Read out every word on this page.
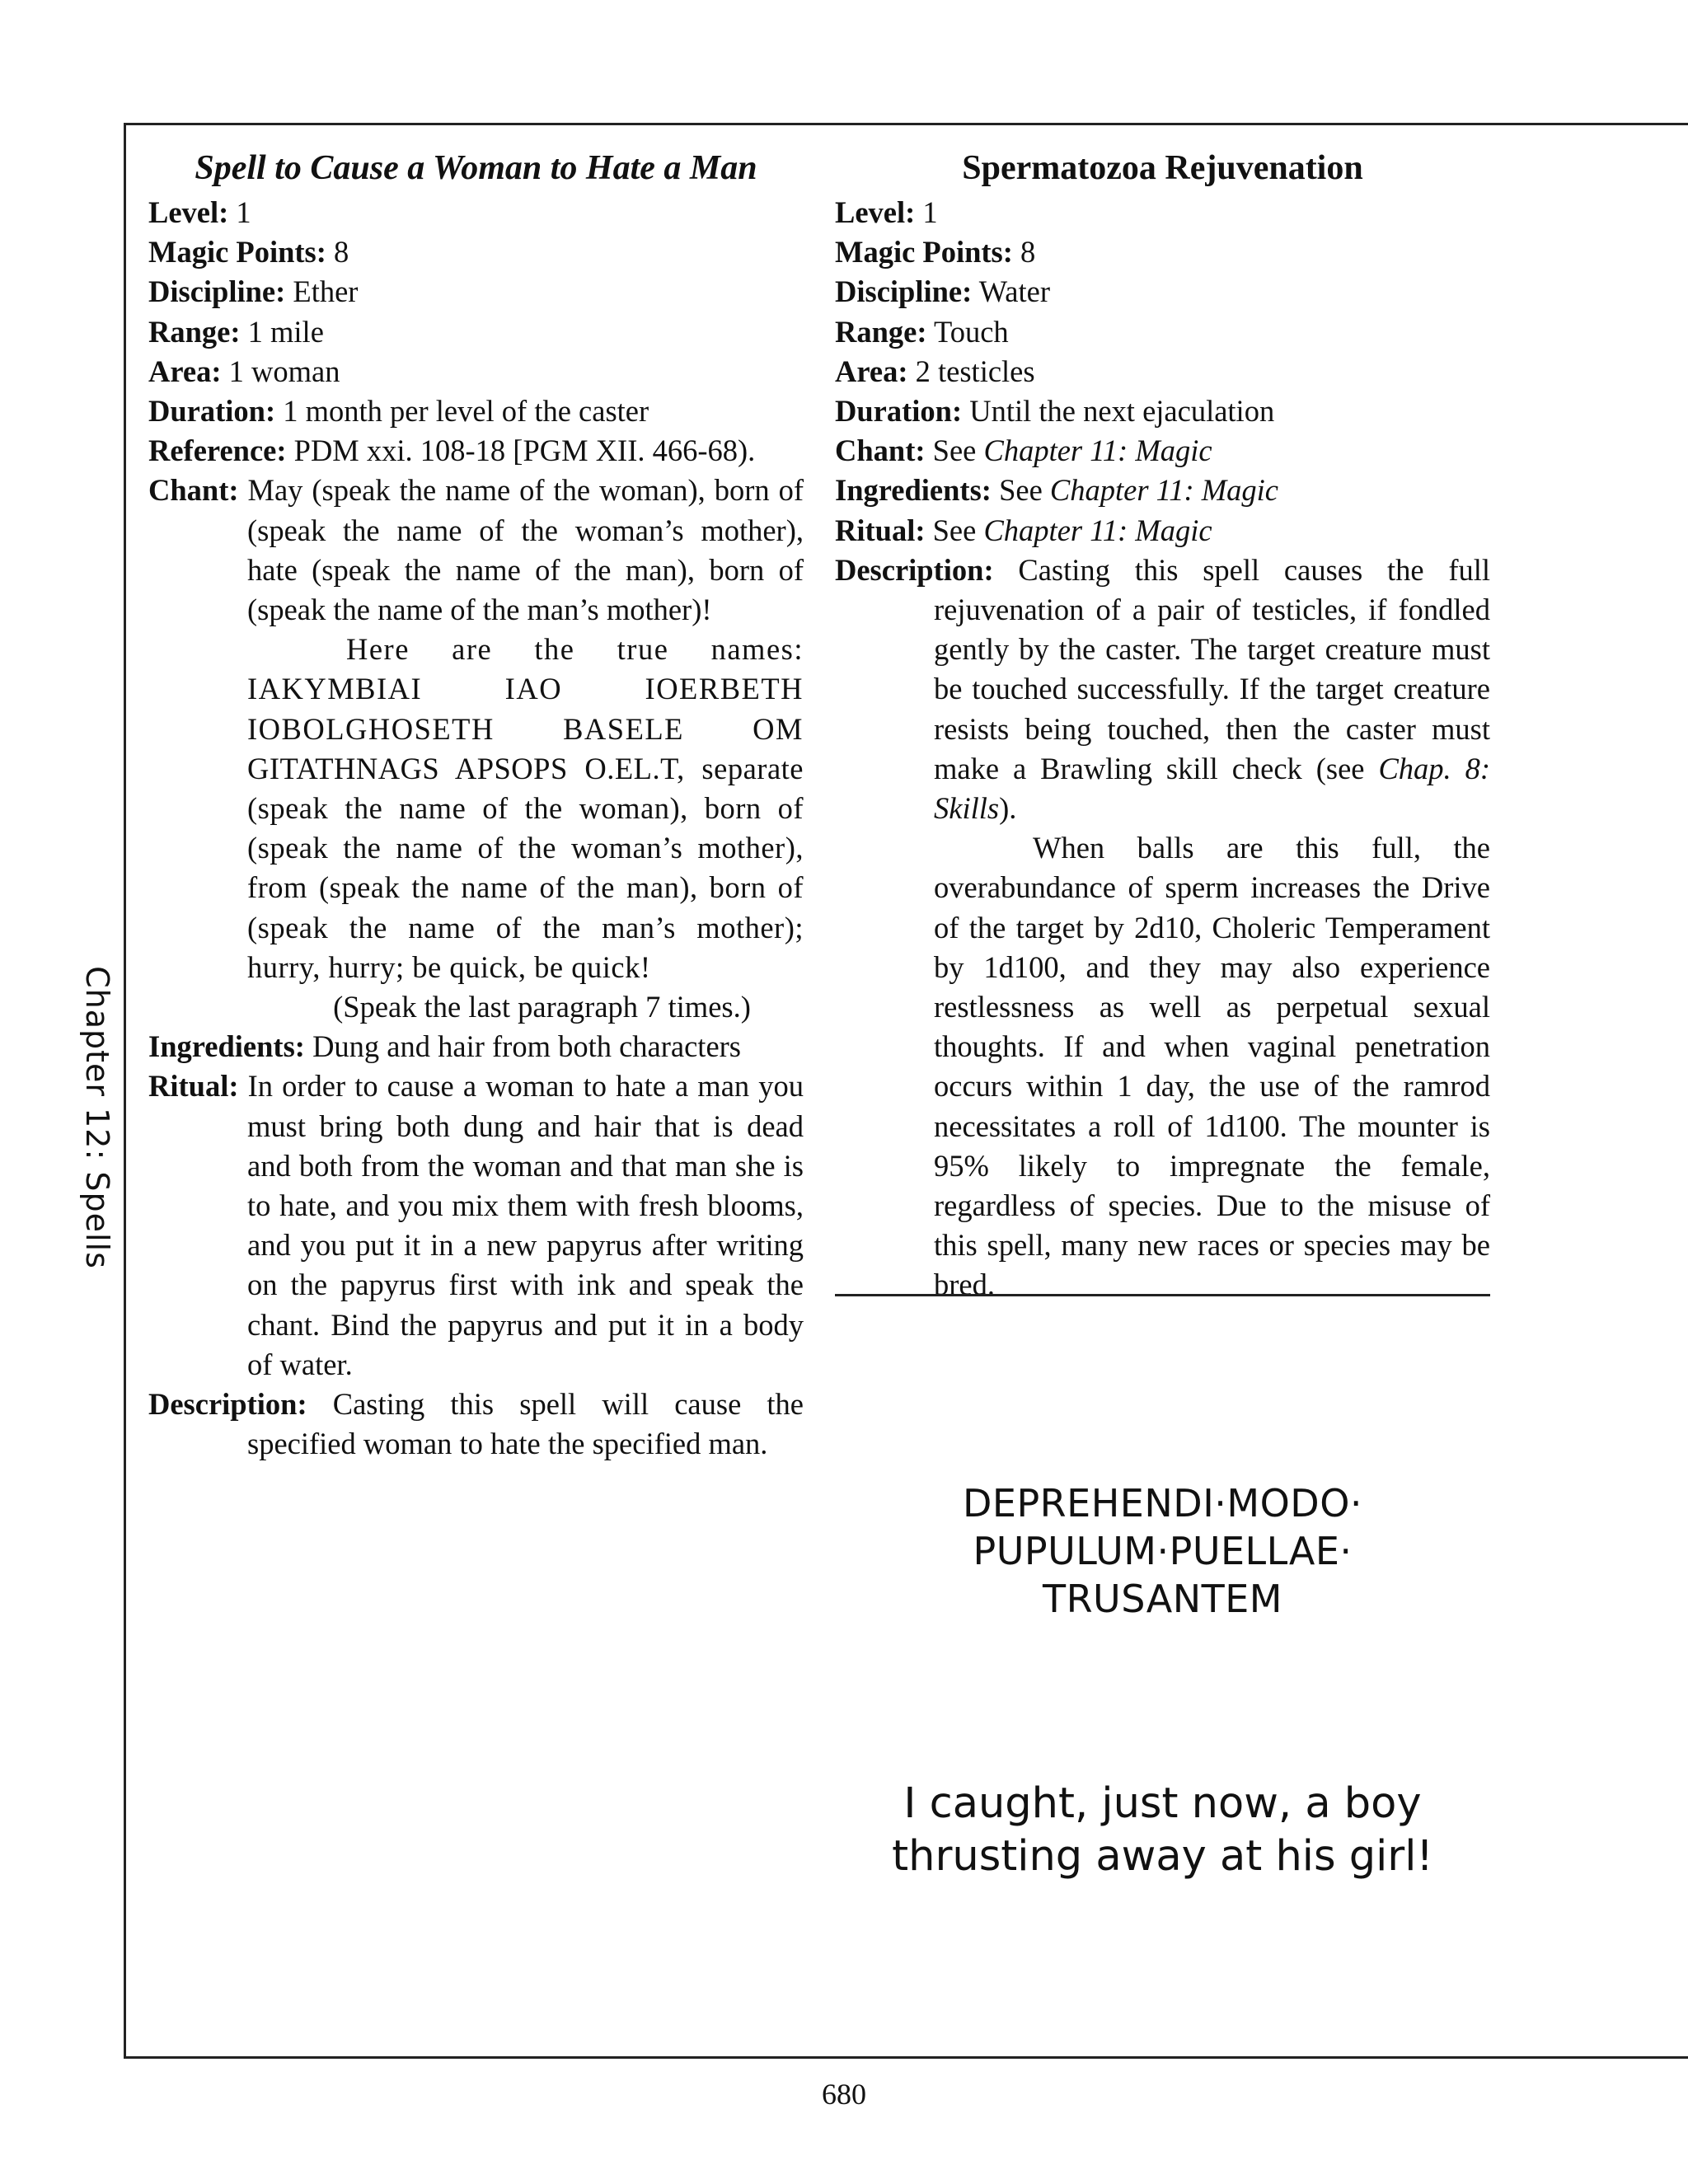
Chapter 12: Spells
Spell to Cause a Woman to Hate a Man
Level: 1
Magic Points: 8
Discipline: Ether
Range: 1 mile
Area: 1 woman
Duration: 1 month per level of the caster
Reference: PDM xxi. 108-18 [PGM XII. 466-68).
Chant: May (speak the name of the woman), born of (speak the name of the woman’s mother), hate (speak the name of the man), born of (speak the name of the man’s mother)!
Here are the true names:
IAKYMBIAI IAO IOERBETH
IOBOLGHOSETH BASELE OM
GITATHNAGS APSOPS O.EL.T, separate (speak the name of the woman), born of (speak the name of the woman’s mother), from (speak the name of the man), born of (speak the name of the man’s mother); hurry, hurry; be quick, be quick!
(Speak the last paragraph 7 times.)
Ingredients: Dung and hair from both characters
Ritual: In order to cause a woman to hate a man you must bring both dung and hair that is dead and both from the woman and that man she is to hate, and you mix them with fresh blooms, and you put it in a new papyrus after writing on the papyrus first with ink and speak the chant. Bind the papyrus and put it in a body of water.
Description: Casting this spell will cause the specified woman to hate the specified man.
Spermatozoa Rejuvenation
Level: 1
Magic Points: 8
Discipline: Water
Range: Touch
Area: 2 testicles
Duration: Until the next ejaculation
Chant: See Chapter 11: Magic
Ingredients: See Chapter 11: Magic
Ritual: See Chapter 11: Magic
Description: Casting this spell causes the full rejuvenation of a pair of testicles, if fondled gently by the caster. The target creature must be touched successfully. If the target creature resists being touched, then the caster must make a Brawling skill check (see Chap. 8: Skills).
When balls are this full, the overabundance of sperm increases the Drive of the target by 2d10, Choleric Temperament by 1d100, and they may also experience restlessness as well as perpetual sexual thoughts. If and when vaginal penetration occurs within 1 day, the use of the ramrod necessitates a roll of 1d100. The mounter is 95% likely to impregnate the female, regardless of species. Due to the misuse of this spell, many new races or species may be bred.
DEPREHENDI·MODO·
PUPULUM·PUELLAE·
TRUSANTEM
I caught, just now, a boy
thrusting away at his girl!
680
